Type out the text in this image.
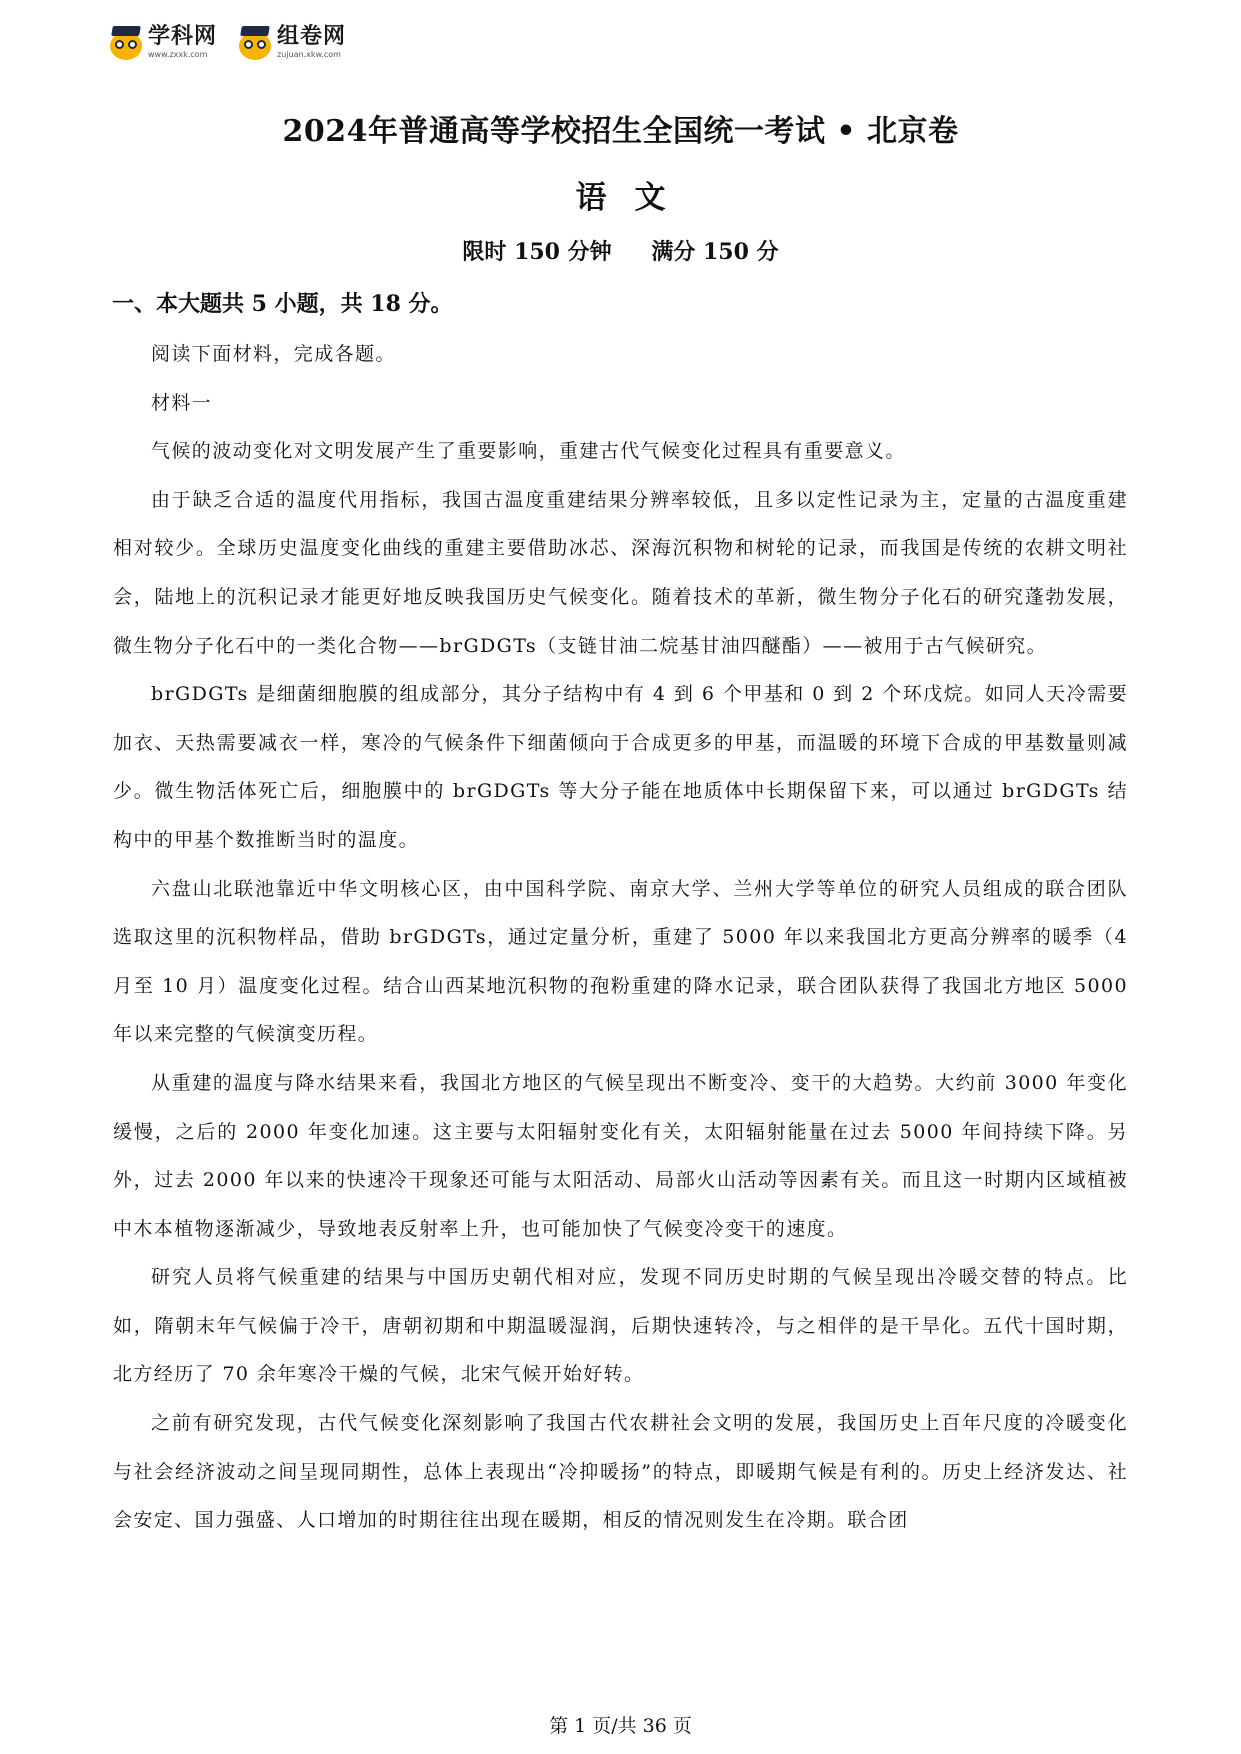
学科网
www.zxxk.com
组卷网
zujuan.xkw.com
2024年普通高等学校招生全国统一考试 • 北京卷
语文
限时 150 分钟 满分 150 分
一、本大题共 5 小题，共 18 分。

阅读下面材料，完成各题。

材料一

气候的波动变化对文明发展产生了重要影响，重建古代气候变化过程具有重要意义。

由于缺乏合适的温度代用指标，我国古温度重建结果分辨率较低，且多以定性记录为主，定量的古温度重建相对较少。全球历史温度变化曲线的重建主要借助冰芯、深海沉积物和树轮的记录，而我国是传统的农耕文明社会，陆地上的沉积记录才能更好地反映我国历史气候变化。随着技术的革新，微生物分子化石的研究蓬勃发展，微生物分子化石中的一类化合物——brGDGTs（支链甘油二烷基甘油四醚酯）——被用于古气候研究。

brGDGTs 是细菌细胞膜的组成部分，其分子结构中有 4 到 6 个甲基和 0 到 2 个环戊烷。如同人天冷需要加衣、天热需要减衣一样，寒冷的气候条件下细菌倾向于合成更多的甲基，而温暖的环境下合成的甲基数量则减少。微生物活体死亡后，细胞膜中的 brGDGTs 等大分子能在地质体中长期保留下来，可以通过 brGDGTs 结构中的甲基个数推断当时的温度。

六盘山北联池靠近中华文明核心区，由中国科学院、南京大学、兰州大学等单位的研究人员组成的联合团队选取这里的沉积物样品，借助 brGDGTs，通过定量分析，重建了 5000 年以来我国北方更高分辨率的暖季（4 月至 10 月）温度变化过程。结合山西某地沉积物的孢粉重建的降水记录，联合团队获得了我国北方地区 5000 年以来完整的气候演变历程。

从重建的温度与降水结果来看，我国北方地区的气候呈现出不断变冷、变干的大趋势。大约前 3000 年变化缓慢，之后的 2000 年变化加速。这主要与太阳辐射变化有关，太阳辐射能量在过去 5000 年间持续下降。另外，过去 2000 年以来的快速冷干现象还可能与太阳活动、局部火山活动等因素有关。而且这一时期内区域植被中木本植物逐渐减少，导致地表反射率上升，也可能加快了气候变冷变干的速度。

研究人员将气候重建的结果与中国历史朝代相对应，发现不同历史时期的气候呈现出冷暖交替的特点。比如，隋朝末年气候偏于冷干，唐朝初期和中期温暖湿润，后期快速转冷，与之相伴的是干旱化。五代十国时期，北方经历了 70 余年寒冷干燥的气候，北宋气候开始好转。

之前有研究发现，古代气候变化深刻影响了我国古代农耕社会文明的发展，我国历史上百年尺度的冷暖变化与社会经济波动之间呈现同期性，总体上表现出“冷抑暖扬”的特点，即暖期气候是有利的。历史上经济发达、社会安定、国力强盛、人口增加的时期往往出现在暖期，相反的情况则发生在冷期。联合团

第 1 页/共 36 页
